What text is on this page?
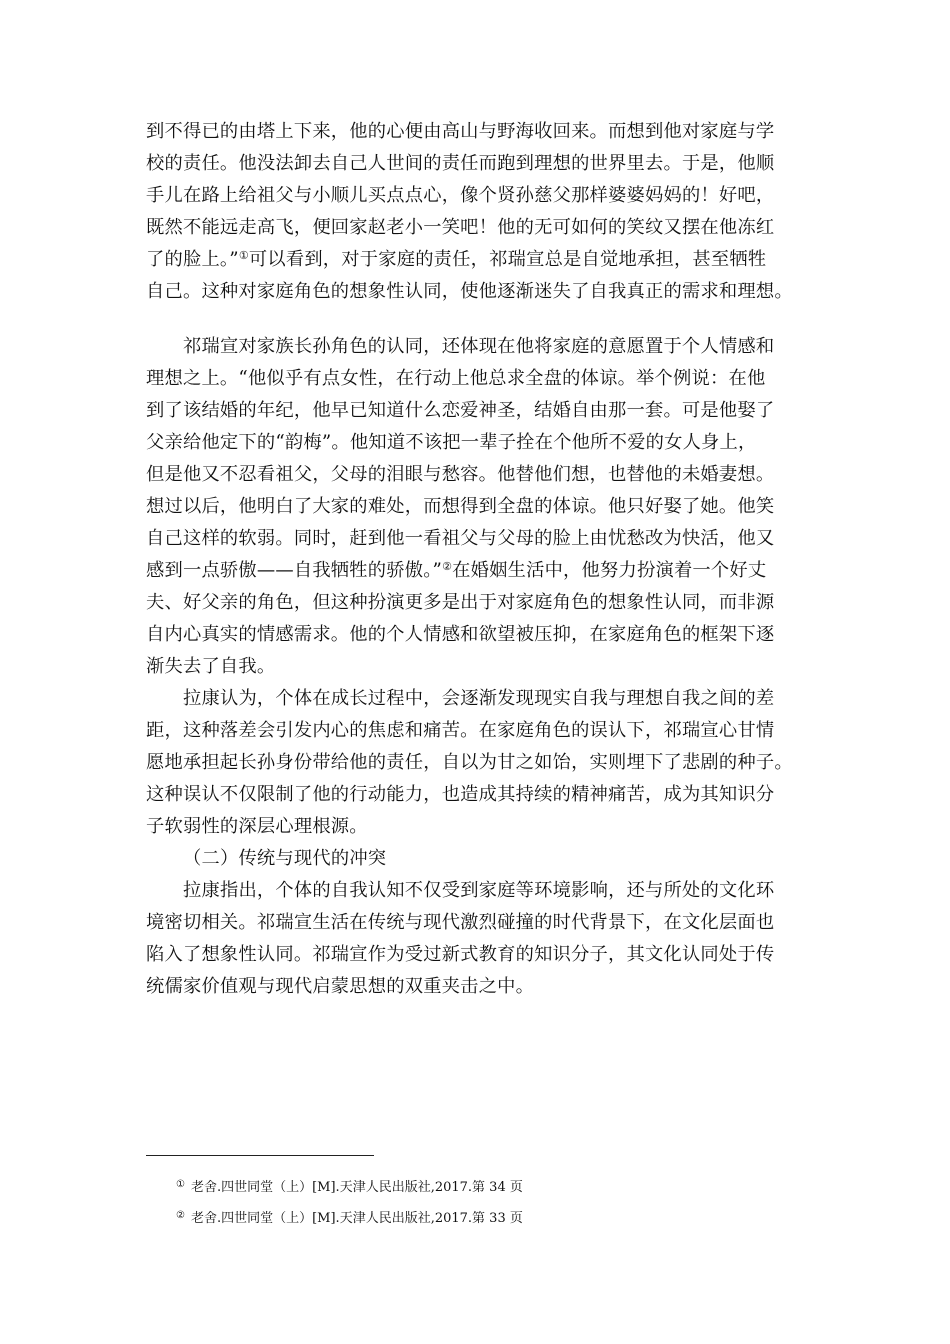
到不得已的由塔上下来，他的心便由高山与野海收回来。而想到他对家庭与学
校的责任。他没法卸去自己人世间的责任而跑到理想的世界里去。于是，他顺
手儿在路上给祖父与小顺儿买点点心，像个贤孙慈父那样婆婆妈妈的！好吧，
既然不能远走高飞，便回家赵老小一笑吧！他的无可如何的笑纹又摆在他冻红
了的脸上。”①可以看到，对于家庭的责任，祁瑞宣总是自觉地承担，甚至牺牲
自己。这种对家庭角色的想象性认同，使他逐渐迷失了自我真正的需求和理想。
祁瑞宣对家族长孙角色的认同，还体现在他将家庭的意愿置于个人情感和
理想之上。“他似乎有点女性，在行动上他总求全盘的体谅。举个例说：在他
到了该结婚的年纪，他早已知道什么恋爱神圣，结婚自由那一套。可是他娶了
父亲给他定下的“韵梅”。他知道不该把一辈子拴在个他所不爱的女人身上，
但是他又不忍看祖父，父母的泪眼与愁容。他替他们想，也替他的未婚妻想。
想过以后，他明白了大家的难处，而想得到全盘的体谅。他只好娶了她。他笑
自己这样的软弱。同时，赶到他一看祖父与父母的脸上由忧愁改为快活，他又
感到一点骄傲——自我牺牲的骄傲。”②在婚姻生活中，他努力扮演着一个好丈
夫、好父亲的角色，但这种扮演更多是出于对家庭角色的想象性认同，而非源
自内心真实的情感需求。他的个人情感和欲望被压抑，在家庭角色的框架下逐
渐失去了自我。
拉康认为，个体在成长过程中，会逐渐发现现实自我与理想自我之间的差
距，这种落差会引发内心的焦虑和痛苦。在家庭角色的误认下，祁瑞宣心甘情
愿地承担起长孙身份带给他的责任，自以为甘之如饴，实则埋下了悲剧的种子。
这种误认不仅限制了他的行动能力，也造成其持续的精神痛苦，成为其知识分
子软弱性的深层心理根源。
（二）传统与现代的冲突
拉康指出，个体的自我认知不仅受到家庭等环境影响，还与所处的文化环
境密切相关。祁瑞宣生活在传统与现代激烈碰撞的时代背景下，在文化层面也
陷入了想象性认同。祁瑞宣作为受过新式教育的知识分子，其文化认同处于传
统儒家价值观与现代启蒙思想的双重夹击之中。
① 老舍.四世同堂（上）[M].天津人民出版社,2017.第 34 页
② 老舍.四世同堂（上）[M].天津人民出版社,2017.第 33 页
